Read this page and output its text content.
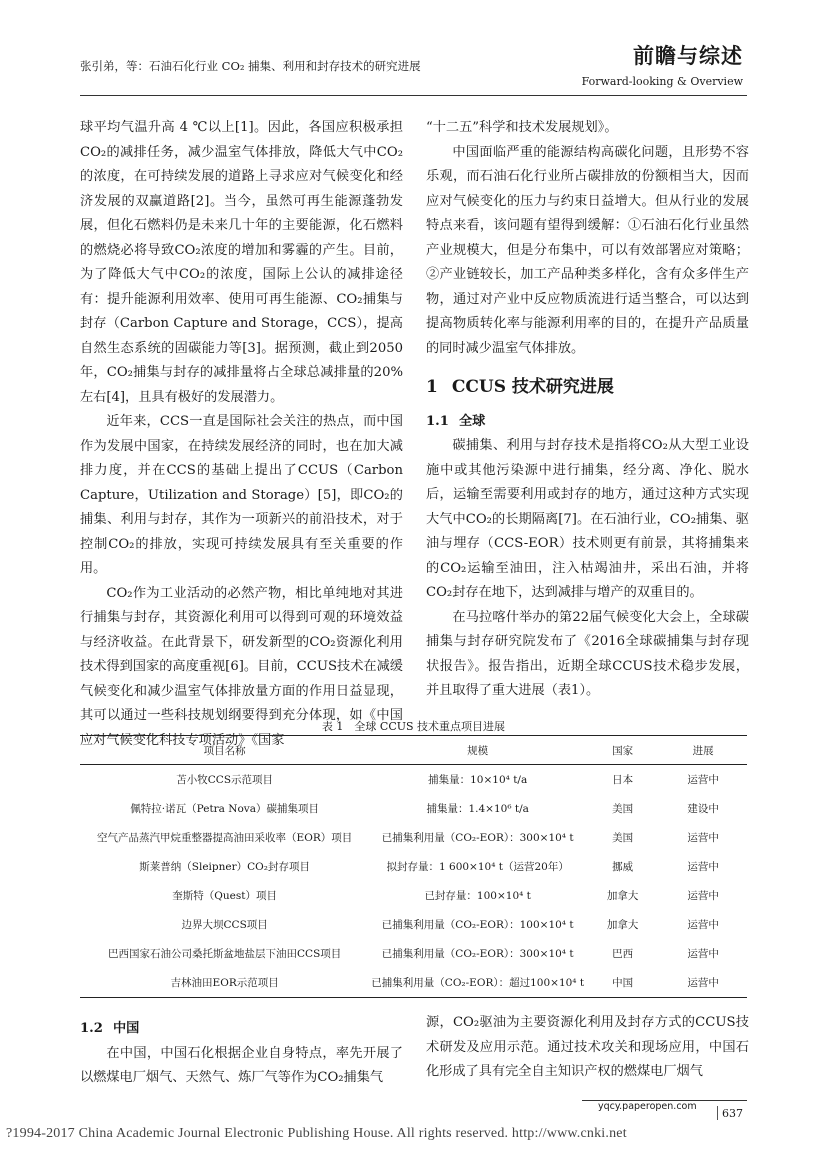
张引弟，等：石油石化行业 CO₂ 捕集、利用和封存技术的研究进展	前瞻与综述
Forward-looking & Overview

球平均气温升高 4 ℃以上[1]。因此，各国应积极承担CO₂的减排任务，减少温室气体排放，降低大气中CO₂的浓度，在可持续发展的道路上寻求应对气候变化和经济发展的双赢道路[2]。当今，虽然可再生能源蓬勃发展，但化石燃料仍是未来几十年的主要能源，化石燃料的燃烧必将导致CO₂浓度的增加和雾霾的产生。目前，为了降低大气中CO₂的浓度，国际上公认的减排途径有：提升能源利用效率、使用可再生能源、CO₂捕集与封存（Carbon Capture and Storage，CCS），提高自然生态系统的固碳能力等[3]。据预测，截止到2050年，CO₂捕集与封存的减排量将占全球总减排量的20%左右[4]，且具有极好的发展潜力。

近年来，CCS一直是国际社会关注的热点，而中国作为发展中国家，在持续发展经济的同时，也在加大减排力度，并在CCS的基础上提出了CCUS（Carbon Capture，Utilization and Storage）[5]，即CO₂的捕集、利用与封存，其作为一项新兴的前沿技术，对于控制CO₂的排放，实现可持续发展具有至关重要的作用。

CO₂作为工业活动的必然产物，相比单纯地对其进行捕集与封存，其资源化利用可以得到可观的环境效益与经济收益。在此背景下，研发新型的CO₂资源化利用技术得到国家的高度重视[6]。目前，CCUS技术在减缓气候变化和减少温室气体排放量方面的作用日益显现，其可以通过一些科技规划纲要得到充分体现，如《中国应对气候变化科技专项活动》《国家

“十二五”科学和技术发展规划》。

中国面临严重的能源结构高碳化问题，且形势不容乐观，而石油石化行业所占碳排放的份额相当大，因而应对气候变化的压力与约束日益增大。但从行业的发展特点来看，该问题有望得到缓解：①石油石化行业虽然产业规模大，但是分布集中，可以有效部署应对策略；②产业链较长，加工产品种类多样化，含有众多伴生产物，通过对产业中反应物质流进行适当整合，可以达到提高物质转化率与能源利用率的目的，在提升产品质量的同时减少温室气体排放。

1 CCUS 技术研究进展

1.1 全球

碳捕集、利用与封存技术是指将CO₂从大型工业设施中或其他污染源中进行捕集，经分离、净化、脱水后，运输至需要利用或封存的地方，通过这种方式实现大气中CO₂的长期隔离[7]。在石油行业，CO₂捕集、驱油与埋存（CCS-EOR）技术则更有前景，其将捕集来的CO₂运输至油田，注入枯竭油井，采出石油，并将CO₂封存在地下，达到减排与增产的双重目的。

在马拉喀什举办的第22届气候变化大会上，全球碳捕集与封存研究院发布了《2016全球碳捕集与封存现状报告》。报告指出，近期全球CCUS技术稳步发展，并且取得了重大进展（表1）。

表 1　全球 CCUS 技术重点项目进展
项目名称	规模	国家	进展
苫小牧CCS示范项目	捕集量：10×10⁴ t/a	日本	运营中
佩特拉·诺瓦（Petra Nova）碳捕集项目	捕集量：1.4×10⁶ t/a	美国	建设中
空气产品蒸汽甲烷重整器提高油田采收率（EOR）项目	已捕集利用量（CO₂-EOR）：300×10⁴ t	美国	运营中
斯莱普纳（Sleipner）CO₂封存项目	拟封存量：1 600×10⁴ t（运营20年）	挪威	运营中
奎斯特（Quest）项目	已封存量：100×10⁴ t	加拿大	运营中
边界大坝CCS项目	已捕集利用量（CO₂-EOR）：100×10⁴ t	加拿大	运营中
巴西国家石油公司桑托斯盆地盐层下油田CCS项目	已捕集利用量（CO₂-EOR）：300×10⁴ t	巴西	运营中
吉林油田EOR示范项目	已捕集利用量（CO₂-EOR）：超过100×10⁴ t	中国	运营中

1.2 中国

在中国，中国石化根据企业自身特点，率先开展了以燃煤电厂烟气、天然气、炼厂气等作为CO₂捕集气

源，CO₂驱油为主要资源化利用及封存方式的CCUS技术研发及应用示范。通过技术攻关和现场应用，中国石化形成了具有完全自主知识产权的燃煤电厂烟气

yqcy.paperopen.com
637
?1994-2017 China Academic Journal Electronic Publishing House. All rights reserved. http://www.cnki.net
